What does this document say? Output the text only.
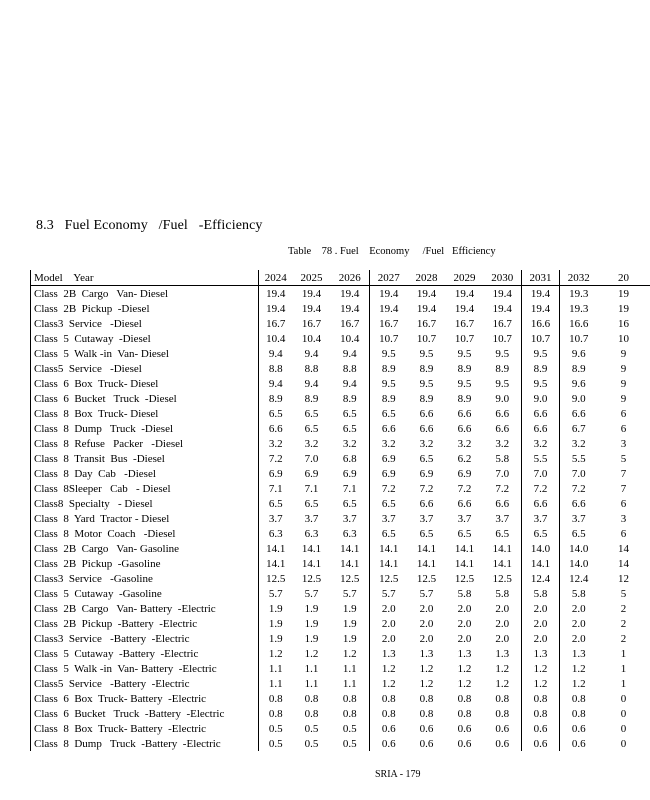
8.3   Fuel Economy   /Fuel   -Efficiency
Table    78 . Fuel    Economy     /Fuel   Efficiency
Model    Year	2024	2025	2026	2027	2028	2029	2030	2031	2032	20
Class  2B  Cargo   Van- Diesel	19.4	19.4	19.4	19.4	19.4	19.4	19.4	19.4	19.3	19
Class  2B  Pickup  -Diesel	19.4	19.4	19.4	19.4	19.4	19.4	19.4	19.4	19.3	19
Class3  Service   -Diesel	16.7	16.7	16.7	16.7	16.7	16.7	16.7	16.6	16.6	16
Class  5  Cutaway  -Diesel	10.4	10.4	10.4	10.7	10.7	10.7	10.7	10.7	10.7	10
Class  5  Walk -in  Van- Diesel	9.4	9.4	9.4	9.5	9.5	9.5	9.5	9.5	9.6	9
Class5  Service   -Diesel	8.8	8.8	8.8	8.9	8.9	8.9	8.9	8.9	8.9	9
Class  6  Box  Truck- Diesel	9.4	9.4	9.4	9.5	9.5	9.5	9.5	9.5	9.6	9
Class  6  Bucket   Truck  -Diesel	8.9	8.9	8.9	8.9	8.9	8.9	9.0	9.0	9.0	9
Class  8  Box  Truck- Diesel	6.5	6.5	6.5	6.5	6.6	6.6	6.6	6.6	6.6	6
Class  8  Dump   Truck  -Diesel	6.6	6.5	6.5	6.6	6.6	6.6	6.6	6.6	6.7	6
Class  8  Refuse   Packer   -Diesel	3.2	3.2	3.2	3.2	3.2	3.2	3.2	3.2	3.2	3
Class  8  Transit  Bus  -Diesel	7.2	7.0	6.8	6.9	6.5	6.2	5.8	5.5	5.5	5
Class  8  Day  Cab   -Diesel	6.9	6.9	6.9	6.9	6.9	6.9	7.0	7.0	7.0	7
Class  8Sleeper   Cab   - Diesel	7.1	7.1	7.1	7.2	7.2	7.2	7.2	7.2	7.2	7
Class8  Specialty   - Diesel	6.5	6.5	6.5	6.5	6.6	6.6	6.6	6.6	6.6	6
Class  8  Yard  Tractor - Diesel	3.7	3.7	3.7	3.7	3.7	3.7	3.7	3.7	3.7	3
Class  8  Motor  Coach   -Diesel	6.3	6.3	6.3	6.5	6.5	6.5	6.5	6.5	6.5	6
Class  2B  Cargo   Van- Gasoline	14.1	14.1	14.1	14.1	14.1	14.1	14.1	14.0	14.0	14
Class  2B  Pickup  -Gasoline	14.1	14.1	14.1	14.1	14.1	14.1	14.1	14.1	14.0	14
Class3  Service   -Gasoline	12.5	12.5	12.5	12.5	12.5	12.5	12.5	12.4	12.4	12
Class  5  Cutaway  -Gasoline	5.7	5.7	5.7	5.7	5.7	5.8	5.8	5.8	5.8	5
Class  2B  Cargo   Van- Battery  -Electric	1.9	1.9	1.9	2.0	2.0	2.0	2.0	2.0	2.0	2
Class  2B  Pickup  -Battery  -Electric	1.9	1.9	1.9	2.0	2.0	2.0	2.0	2.0	2.0	2
Class3  Service   -Battery  -Electric	1.9	1.9	1.9	2.0	2.0	2.0	2.0	2.0	2.0	2
Class  5  Cutaway  -Battery  -Electric	1.2	1.2	1.2	1.3	1.3	1.3	1.3	1.3	1.3	1
Class  5  Walk -in  Van- Battery  -Electric	1.1	1.1	1.1	1.2	1.2	1.2	1.2	1.2	1.2	1
Class5  Service   -Battery  -Electric	1.1	1.1	1.1	1.2	1.2	1.2	1.2	1.2	1.2	1
Class  6  Box  Truck- Battery  -Electric	0.8	0.8	0.8	0.8	0.8	0.8	0.8	0.8	0.8	0
Class  6  Bucket   Truck  -Battery  -Electric	0.8	0.8	0.8	0.8	0.8	0.8	0.8	0.8	0.8	0
Class  8  Box  Truck- Battery  -Electric	0.5	0.5	0.5	0.6	0.6	0.6	0.6	0.6	0.6	0
Class  8  Dump   Truck  -Battery  -Electric	0.5	0.5	0.5	0.6	0.6	0.6	0.6	0.6	0.6	0
SRIA - 179
